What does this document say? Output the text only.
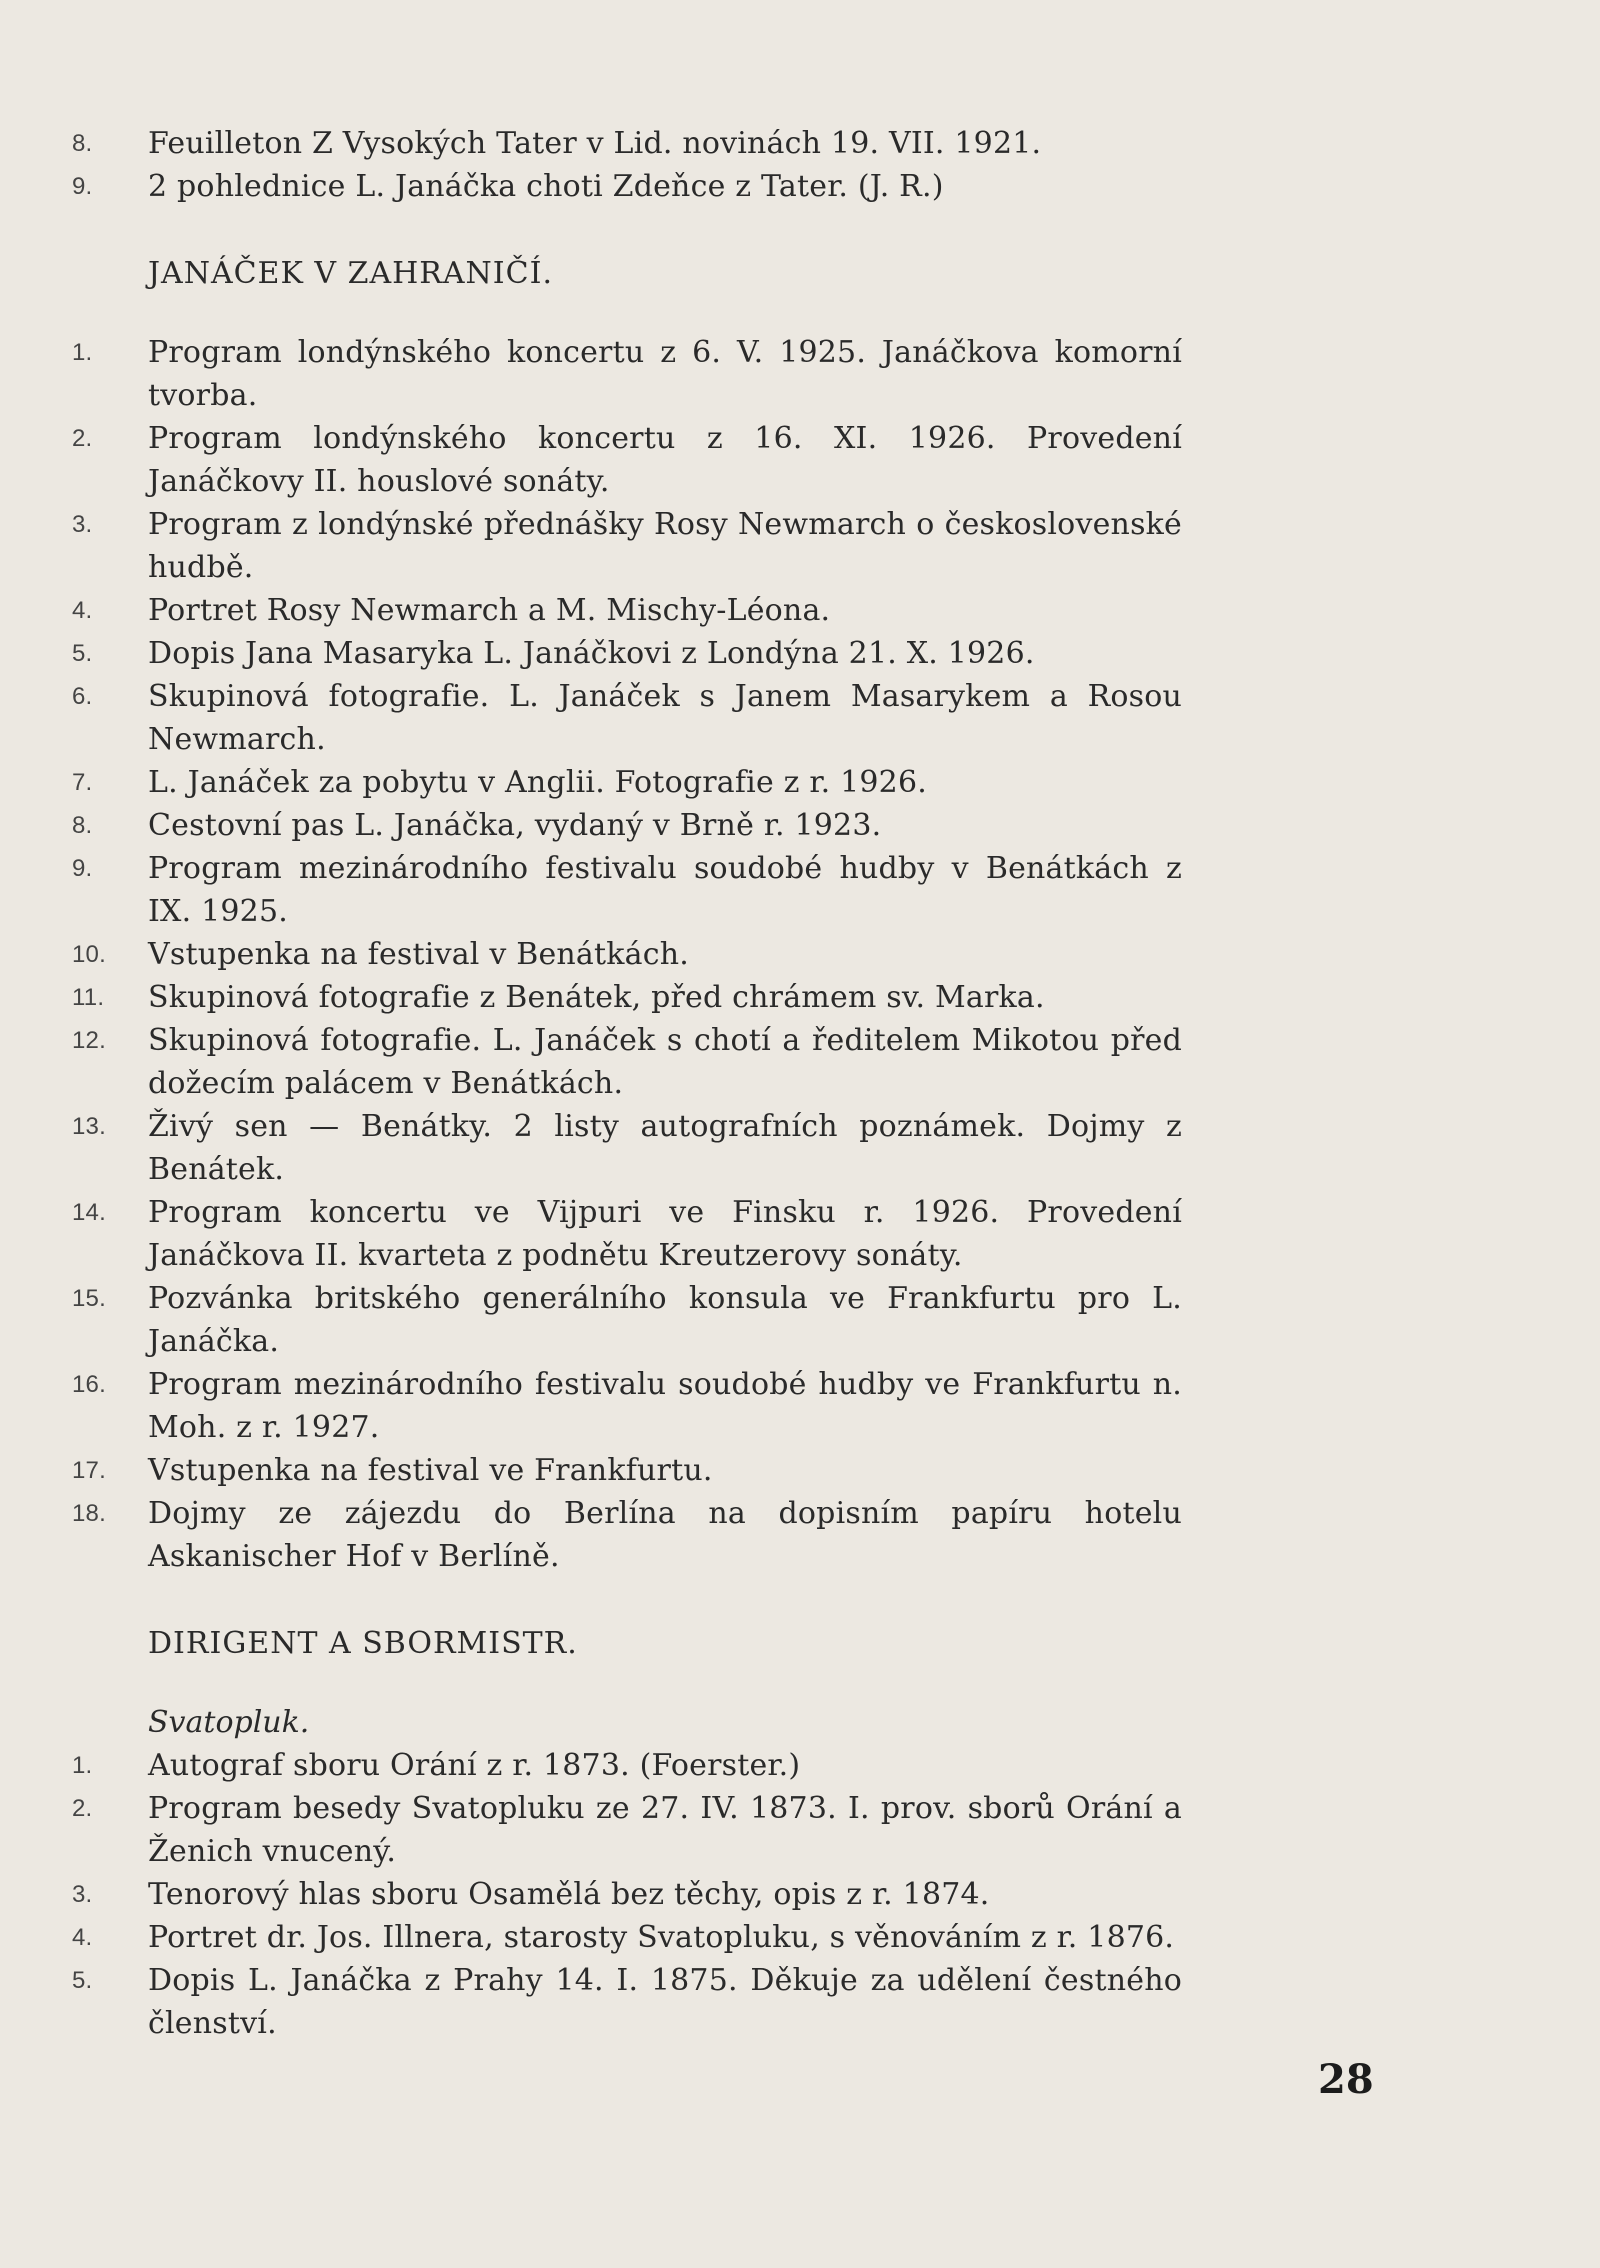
8.	Feuilleton Z Vysokých Tater v Lid. novinách 19. VII. 1921.
9.	2 pohlednice L. Janáčka choti Zdeňce z Tater. (J. R.)
JANÁČEK V ZAHRANIČÍ.
1.	Program londýnského koncertu z 6. V. 1925. Janáčkova komorní tvorba.
2.	Program londýnského koncertu z 16. XI. 1926. Provedení Janáčkovy II. houslové sonáty.
3.	Program z londýnské přednášky Rosy Newmarch o československé hudbě.
4.	Portret Rosy Newmarch a M. Mischy-Léona.
5.	Dopis Jana Masaryka L. Janáčkovi z Londýna 21. X. 1926.
6.	Skupinová fotografie. L. Janáček s Janem Masarykem a Rosou Newmarch.
7.	L. Janáček za pobytu v Anglii. Fotografie z r. 1926.
8.	Cestovní pas L. Janáčka, vydaný v Brně r. 1923.
9.	Program mezinárodního festivalu soudobé hudby v Benátkách z IX. 1925.
10.	Vstupenka na festival v Benátkách.
11.	Skupinová fotografie z Benátek, před chrámem sv. Marka.
12.	Skupinová fotografie. L. Janáček s chotí a ředitelem Mikotou před dožecím palácem v Benátkách.
13.	Živý sen — Benátky. 2 listy autografních poznámek. Dojmy z Benátek.
14.	Program koncertu ve Vijpuri ve Finsku r. 1926. Provedení Janáčkova II. kvarteta z podnětu Kreutzerovy sonáty.
15.	Pozvánka britského generálního konsula ve Frankfurtu pro L. Janáčka.
16.	Program mezinárodního festivalu soudobé hudby ve Frankfurtu n. Moh. z r. 1927.
17.	Vstupenka na festival ve Frankfurtu.
18.	Dojmy ze zájezdu do Berlína na dopisním papíru hotelu Askanischer Hof v Berlíně.
DIRIGENT A SBORMISTR.
Svatopluk.
1.	Autograf sboru Orání z r. 1873. (Foerster.)
2.	Program besedy Svatopluku ze 27. IV. 1873. I. prov. sborů Orání a Ženich vnucený.
3.	Tenorový hlas sboru Osamělá bez těchy, opis z r. 1874.
4.	Portret dr. Jos. Illnera, starosty Svatopluku, s věnováním z r. 1876.
5.	Dopis L. Janáčka z Prahy 14. I. 1875. Děkuje za udělení čestného členství.
28
